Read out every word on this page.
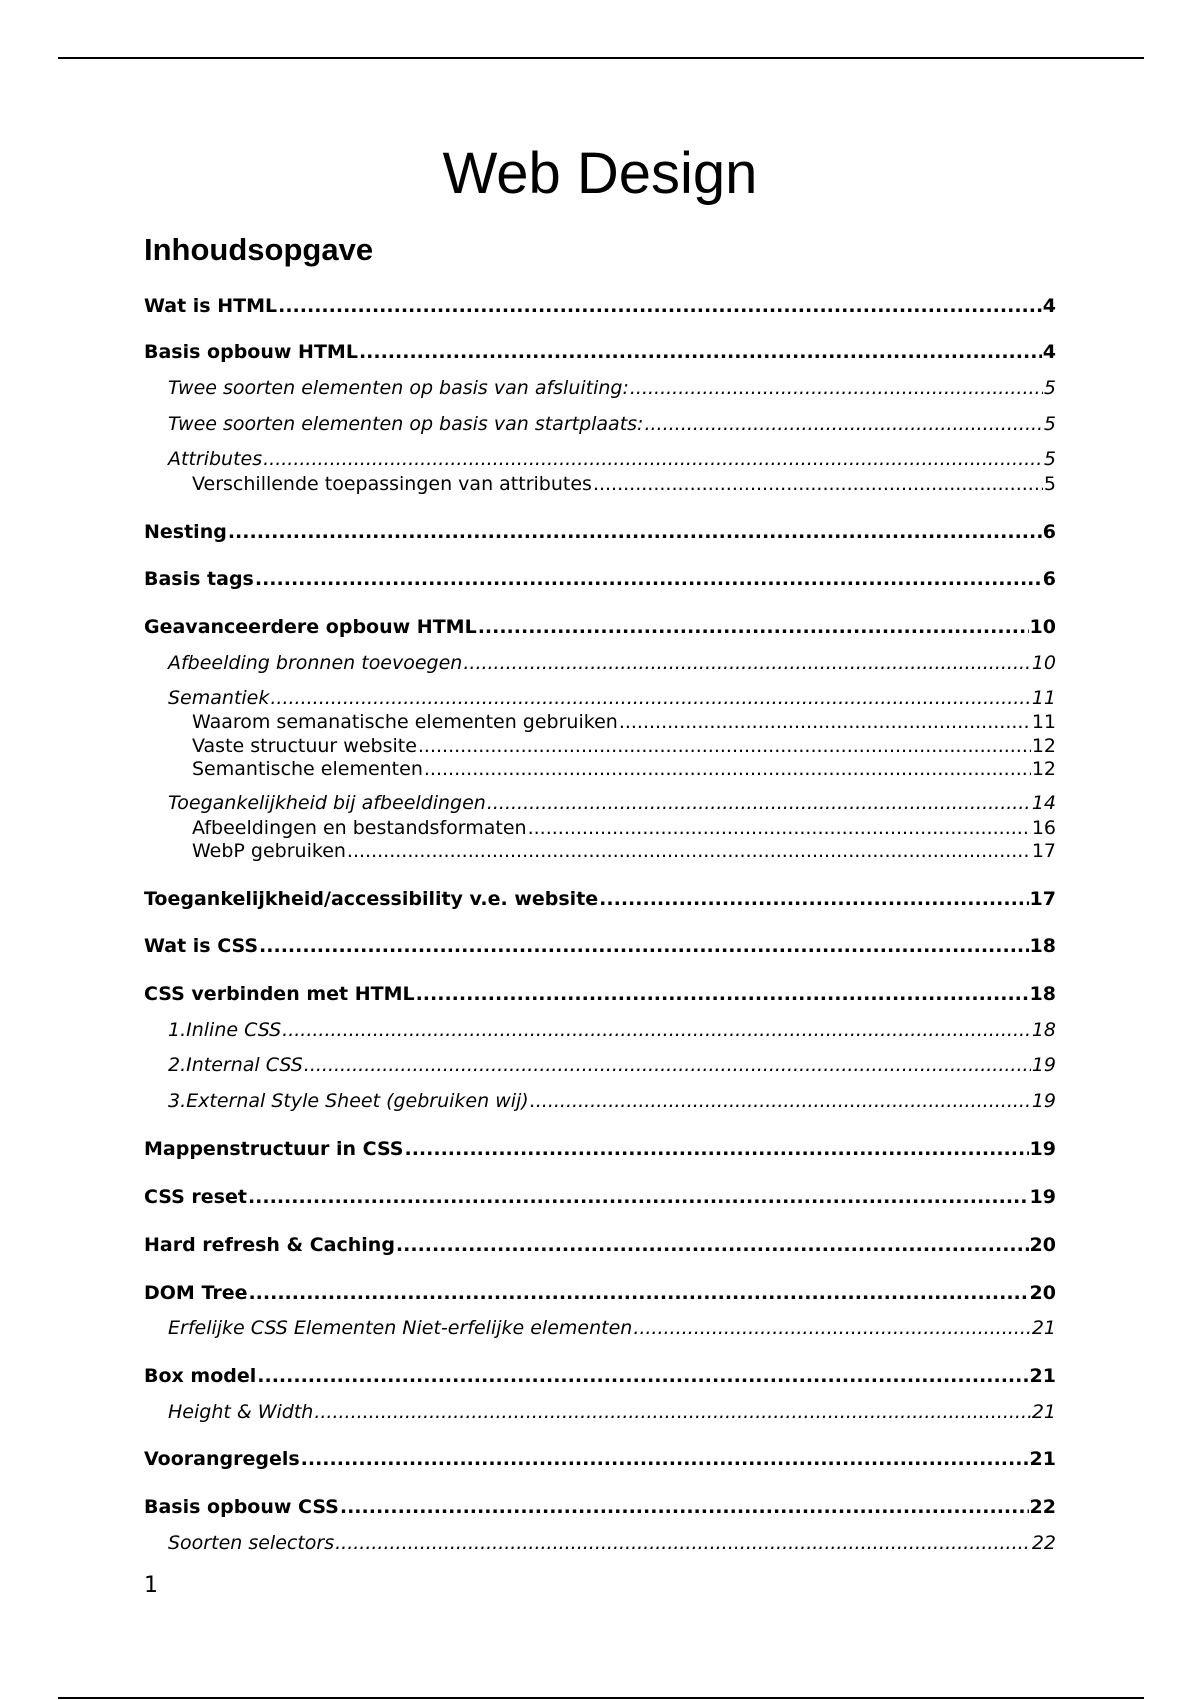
Web Design
Inhoudsopgave
Wat is HTML .....	4
Basis opbouw HTML .....	4
Twee soorten elementen op basis van afsluiting: .....	5
Twee soorten elementen op basis van startplaats: .....	5
Attributes .....	5
Verschillende toepassingen van attributes .....	5
Nesting .....	6
Basis tags .....	6
Geavanceerdere opbouw HTML .....	10
Afbeelding bronnen toevoegen .....	10
Semantiek .....	11
Waarom semanatische elementen gebruiken .....	11
Vaste structuur website .....	12
Semantische elementen .....	12
Toegankelijkheid bij afbeeldingen .....	14
Afbeeldingen en bestandsformaten .....	16
WebP gebruiken .....	17
Toegankelijkheid/accessibility v.e. website .....	17
Wat is CSS .....	18
CSS verbinden met HTML .....	18
1.Inline CSS .....	18
2.Internal CSS .....	19
3.External Style Sheet (gebruiken wij) .....	19
Mappenstructuur in CSS .....	19
CSS reset .....	19
Hard refresh & Caching .....	20
DOM Tree .....	20
Erfelijke CSS Elementen Niet-erfelijke elementen .....	21
Box model .....	21
Height & Width .....	21
Voorangregels .....	21
Basis opbouw CSS .....	22
Soorten selectors .....	22
1
